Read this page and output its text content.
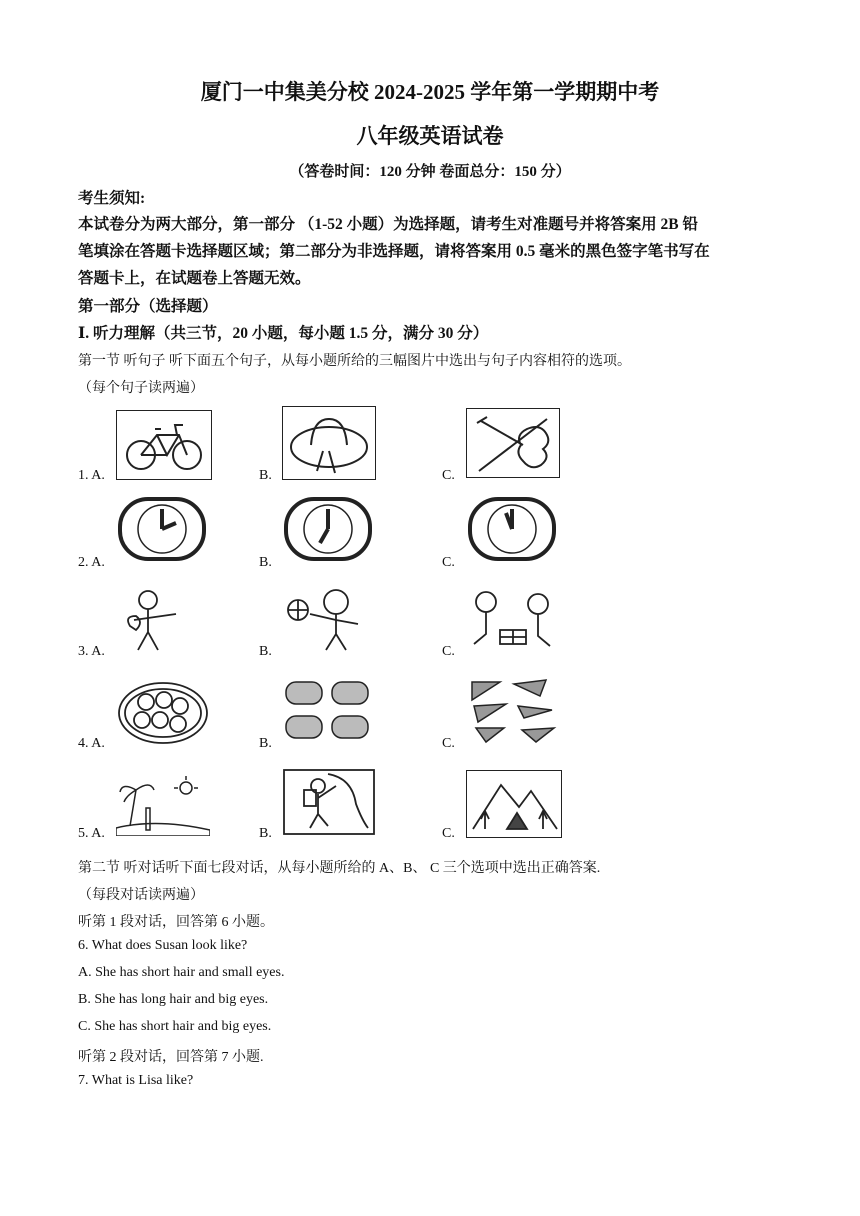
厦门一中集美分校 2024-2025 学年第一学期期中考
八年级英语试卷
（答卷时间：120 分钟 卷面总分：150 分）
考生须知:
本试卷分为两大部分，第一部分 （1-52 小题）为选择题，请考生对准题号并将答案用 2B 铅
笔填涂在答题卡选择题区域；第二部分为非选择题，请将答案用 0.5 毫米的黑色签字笔书写在
答题卡上，在试题卷上答题无效。
第一部分（选择题）
Ⅰ. 听力理解（共三节，20 小题，每小题 1.5 分，满分 30 分）
第一节 听句子 听下面五个句子，从每小题所给的三幅图片中选出与句子内容相符的选项。
（每个句子读两遍）
1. A.	B.	C.
2. A.	B.	C.
3. A.	B.	C.
4. A.	B.	C.
5. A.	B.	C.
第二节 听对话听下面七段对话，从每小题所给的 A、B、 C 三个选项中选出正确答案.
（每段对话读两遍）
听第 1 段对话，回答第 6 小题。
6. What does Susan look like?
A. She has short hair and small eyes.
B. She has long hair and big eyes.
C. She has short hair and big eyes.
听第 2 段对话，回答第 7 小题.
7. What is Lisa like?
